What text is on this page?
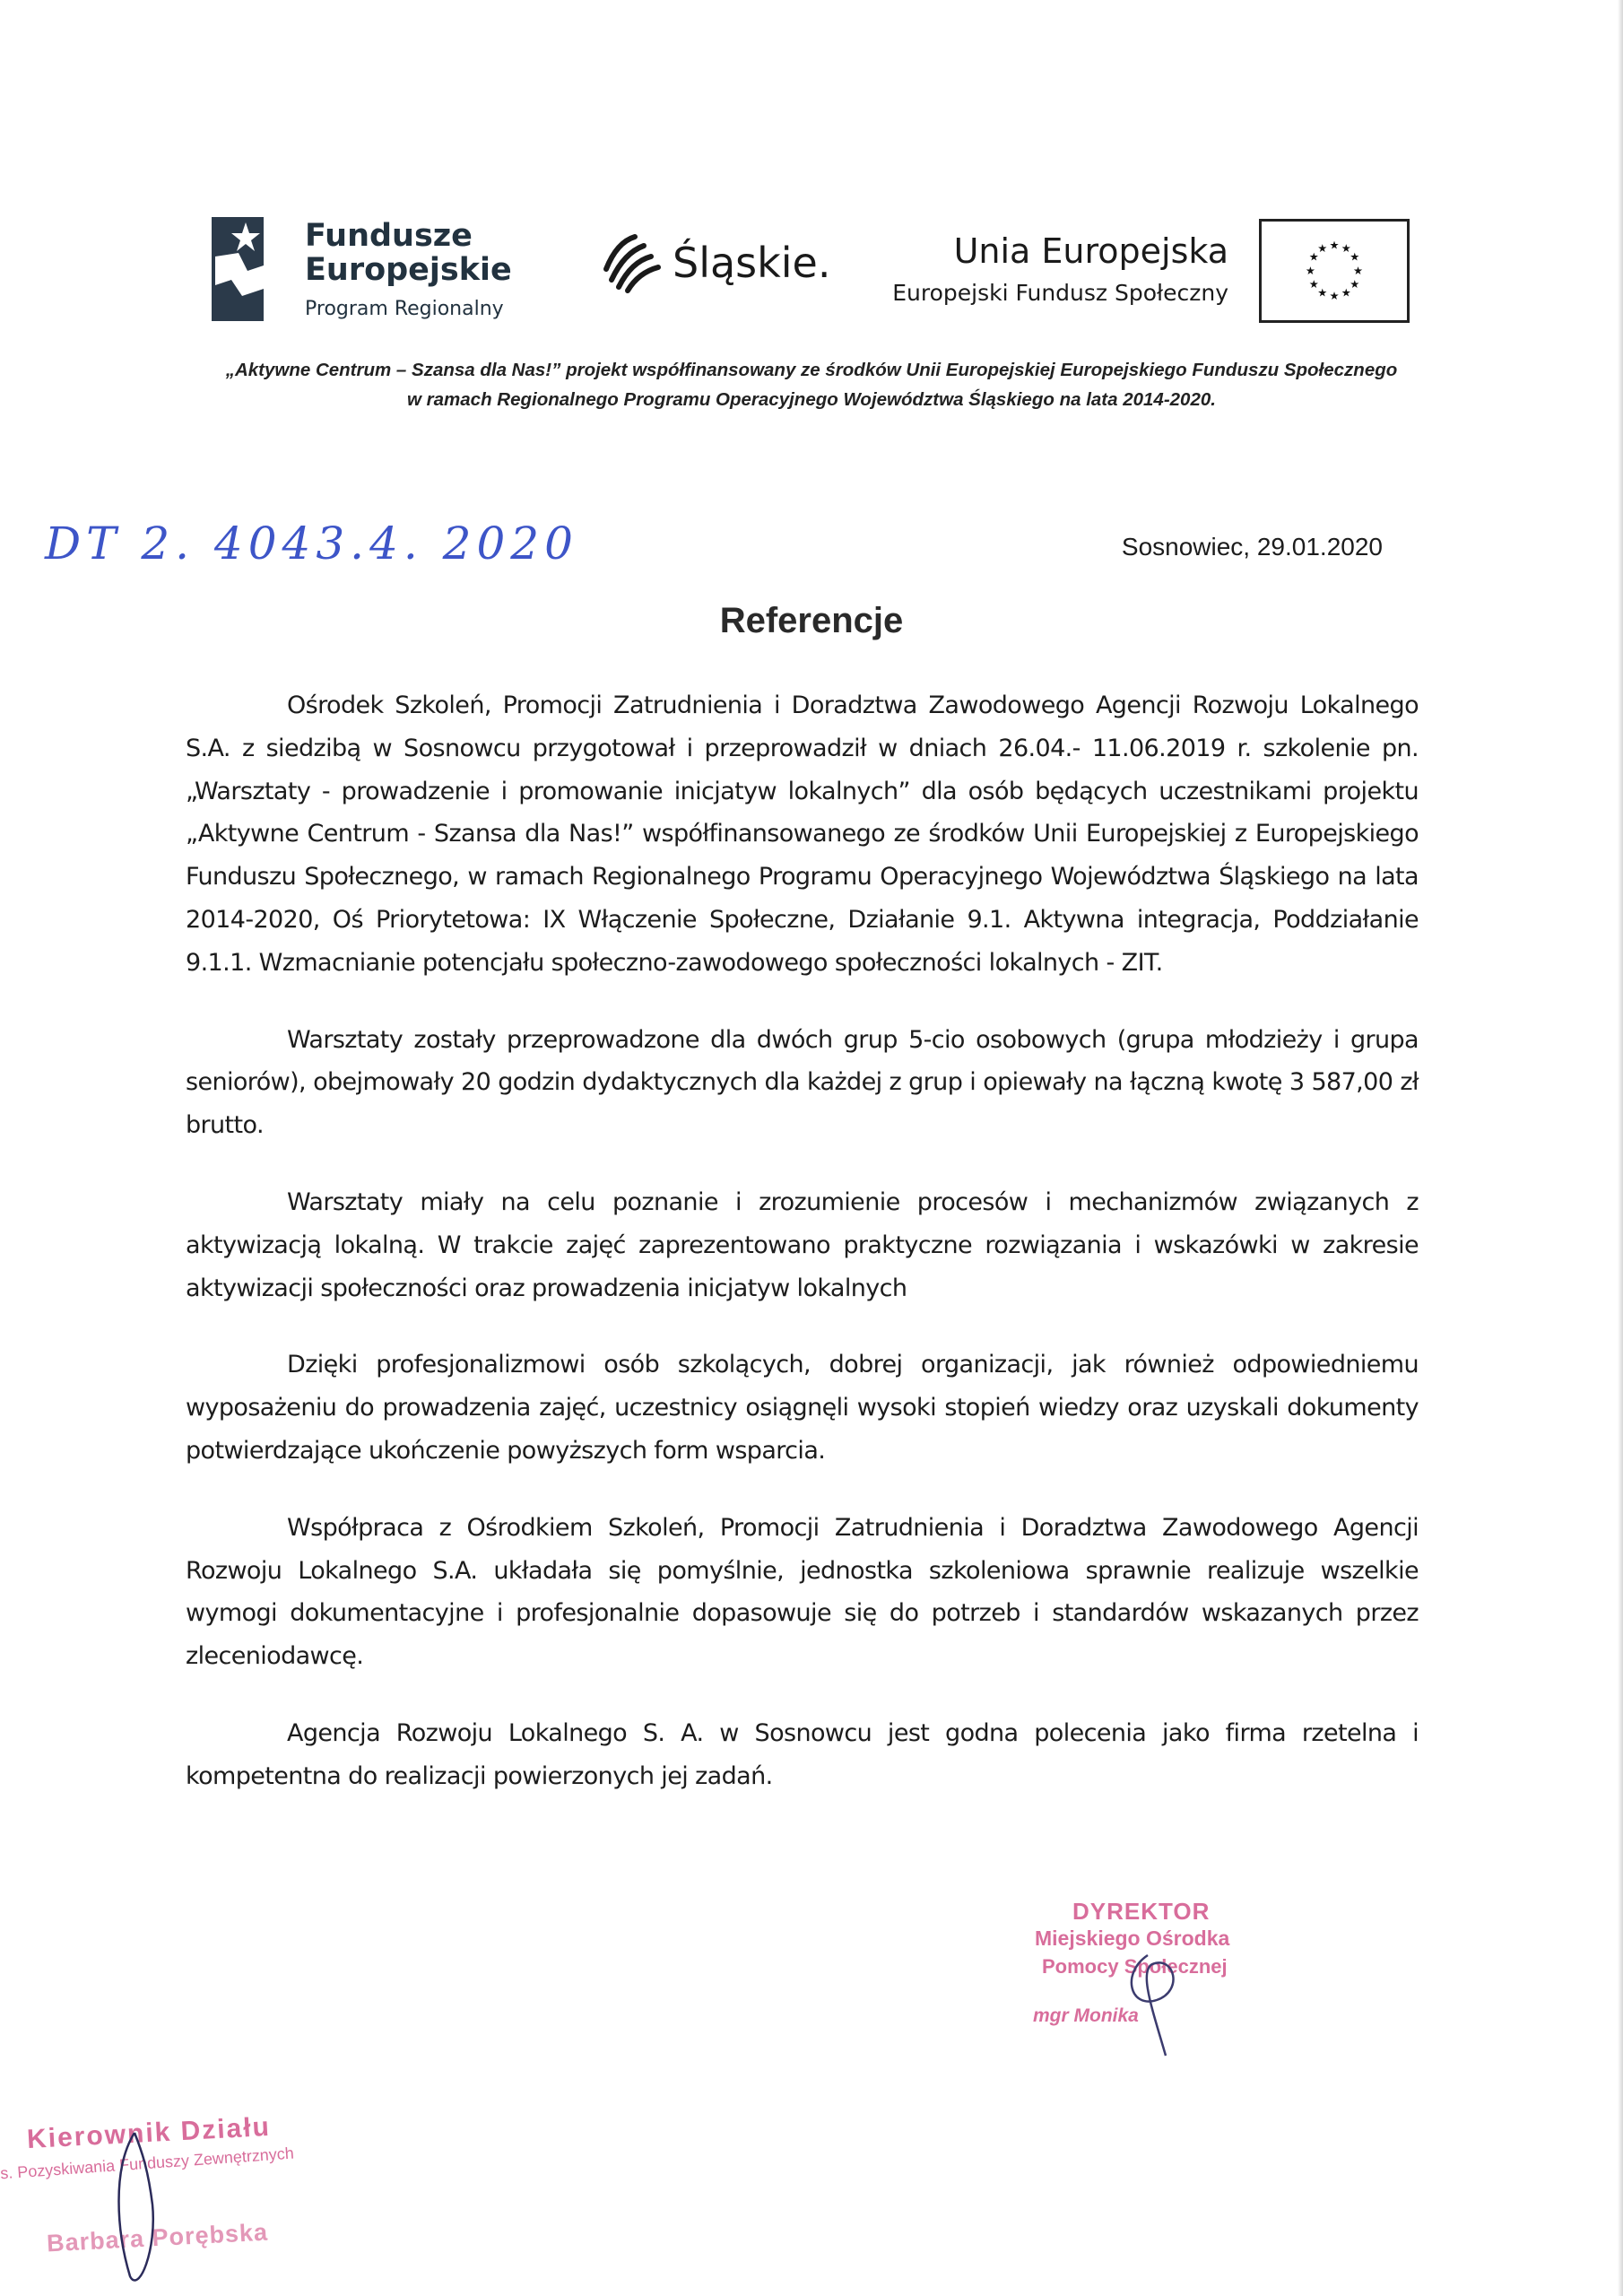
Fundusze
Europejskie
Program Regionalny
Śląskie.	Unia Europejska
Europejski Fundusz Społeczny
★ ★
★
★
★
★
★
★
★
★
★
★
„Aktywne Centrum – Szansa dla Nas!” projekt współfinansowany ze środków Unii Europejskiej Europejskiego Funduszu Społecznego
w ramach Regionalnego Programu Operacyjnego Województwa Śląskiego na lata 2014-2020.
DT 2. 4043.4. 2020	Sosnowiec, 29.01.2020
Referencje

Ośrodek Szkoleń, Promocji Zatrudnienia i Doradztwa Zawodowego Agencji Rozwoju Lokalnego S.A. z siedzibą w Sosnowcu przygotował i przeprowadził w dniach 26.04.- 11.06.2019 r. szkolenie pn. „Warsztaty - prowadzenie i promowanie inicjatyw lokalnych” dla osób będących uczestnikami projektu „Aktywne Centrum - Szansa dla Nas!” współfinansowanego ze środków Unii Europejskiej z Europejskiego Funduszu Społecznego, w ramach Regionalnego Programu Operacyjnego Województwa Śląskiego na lata 2014-2020, Oś Priorytetowa: IX Włączenie Społeczne, Działanie 9.1. Aktywna integracja, Poddziałanie 9.1.1. Wzmacnianie potencjału społeczno-zawodowego społeczności lokalnych - ZIT.

Warsztaty zostały przeprowadzone dla dwóch grup 5-cio osobowych (grupa młodzieży i grupa seniorów), obejmowały 20 godzin dydaktycznych dla każdej z grup i opiewały na łączną kwotę 3 587,00 zł brutto.

Warsztaty miały na celu poznanie i zrozumienie procesów i mechanizmów związanych z aktywizacją lokalną. W trakcie zajęć zaprezentowano praktyczne rozwiązania i wskazówki w zakresie aktywizacji społeczności oraz prowadzenia inicjatyw lokalnych

Dzięki profesjonalizmowi osób szkolących, dobrej organizacji, jak również odpowiedniemu wyposażeniu do prowadzenia zajęć, uczestnicy osiągnęli wysoki stopień wiedzy oraz uzyskali dokumenty potwierdzające ukończenie powyższych form wsparcia.

Współpraca z Ośrodkiem Szkoleń, Promocji Zatrudnienia i Doradztwa Zawodowego Agencji Rozwoju Lokalnego S.A. układała się pomyślnie, jednostka szkoleniowa sprawnie realizuje wszelkie wymogi dokumentacyjne i profesjonalnie dopasowuje się do potrzeb i standardów wskazanych przez zleceniodawcę.

Agencja Rozwoju Lokalnego S. A. w Sosnowcu jest godna polecenia jako firma rzetelna i kompetentna do realizacji powierzonych jej zadań.

DYREKTOR
Miejskiego Ośrodka
Pomocy Społecznej
mgr Monika
Kierownik Działu
s. Pozyskiwania Funduszy Zewnętrznych
Barbara Porębska
